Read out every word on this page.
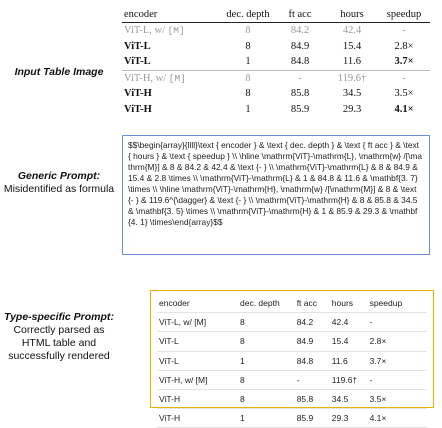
Input Table Image
Generic Prompt:
Misidentified as formula
Type-specific Prompt:
Correctly parsed as HTML table and successfully rendered
encoder	dec. depth	ft acc	hours	speedup
ViT-L, w/ [M]	8	84.2	42.4	-
ViT-L	8	84.9	15.4	2.8×
ViT-L	1	84.8	11.6	3.7×
ViT-H, w/ [M]	8	-	119.6†	-
ViT-H	8	85.8	34.5	3.5×
ViT-H	1	85.9	29.3	4.1×

$$\begin{array}{llll}\text { encoder } & \text { dec. depth } & \text { ft acc } & \text { hours } & \text { speedup } \\ \hline \mathrm{ViT}-\mathrm{L}, \mathrm{w} /[\mathrm{M}] & 8 & 84.2 & 42.4 & \text {- } \\ \mathrm{ViT}-\mathrm{L} & 8 & 84.9 & 15.4 & 2.8 \times \\ \mathrm{ViT}-\mathrm{L} & 1 & 84.8 & 11.6 & \mathbf{3. 7} \times \\ \hline \mathrm{ViT}-\mathrm{H}, \mathrm{w} /[\mathrm{M}] & 8 & \text {- } & 119.6^{\dagger} & \text {- } \\ \mathrm{ViT}-\mathrm{H} & 8 & 85.8 & 34.5 & \mathbf{3. 5} \times \\ \mathrm{ViT}-\mathrm{H} & 1 & 85.9 & 29.3 & \mathbf{4. 1} \times\end{array}$$

encoder	dec. depth	ft acc	hours	speedup
ViT-L, w/ [M]	8	84.2	42.4	-
ViT-L	8	84.9	15.4	2.8×
ViT-L	1	84.8	11.6	3.7×
ViT-H, w/ [M]	8	-	119.6†	-
ViT-H	8	85.8	34.5	3.5×
ViT-H	1	85.9	29.3	4.1×
